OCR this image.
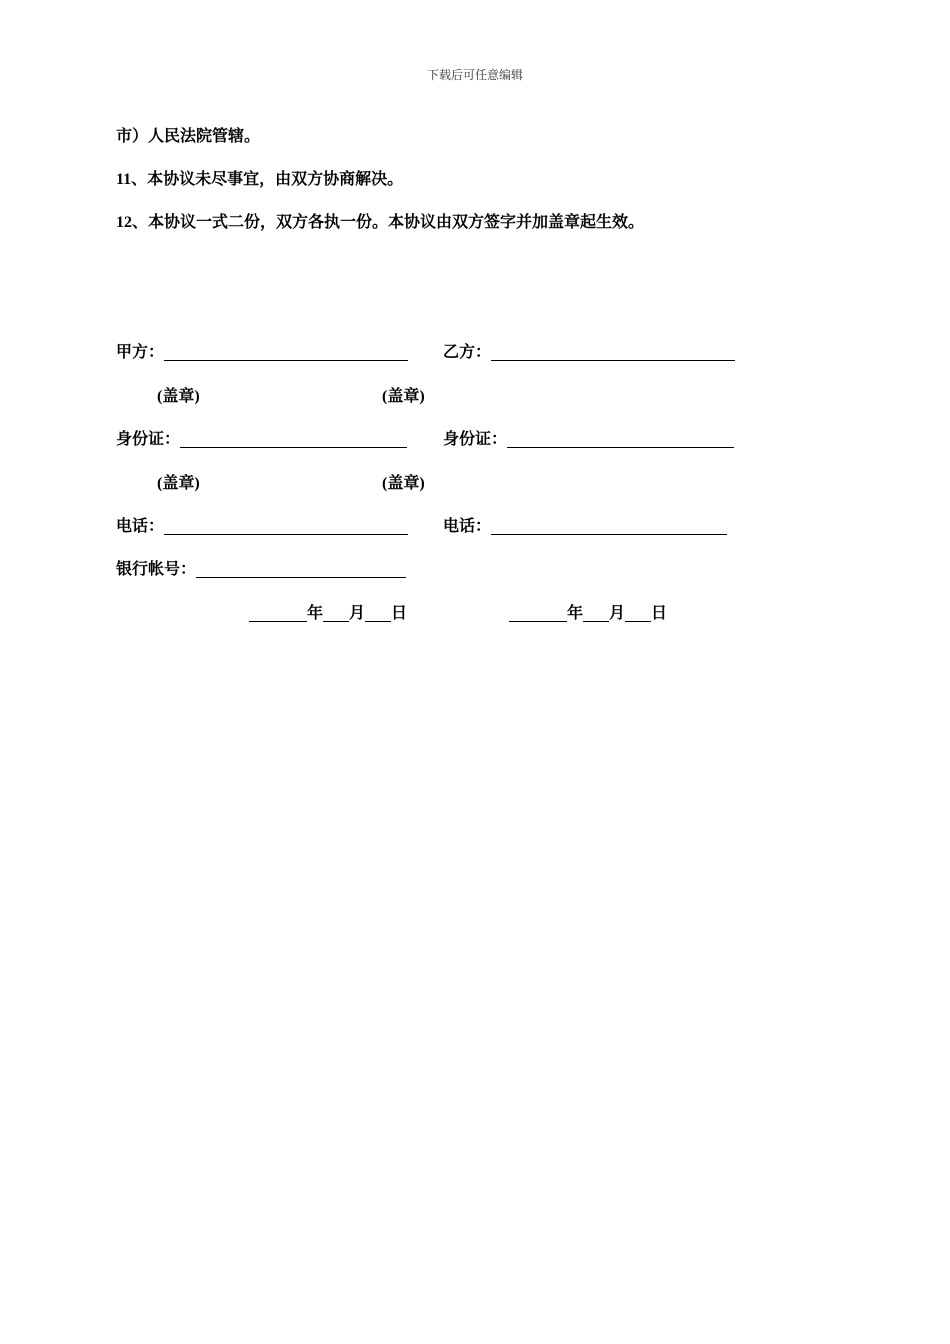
下载后可任意编辑
市）人民法院管辖。
11、本协议未尽事宜，由双方协商解决。
12、本协议一式二份，双方各执一份。本协议由双方签字并加盖章起生效。
甲方：	乙方：
(盖章)	(盖章)
身份证：	身份证：
(盖章)	(盖章)
电话：	电话：
银行帐号：
年 月 日	年 月 日
